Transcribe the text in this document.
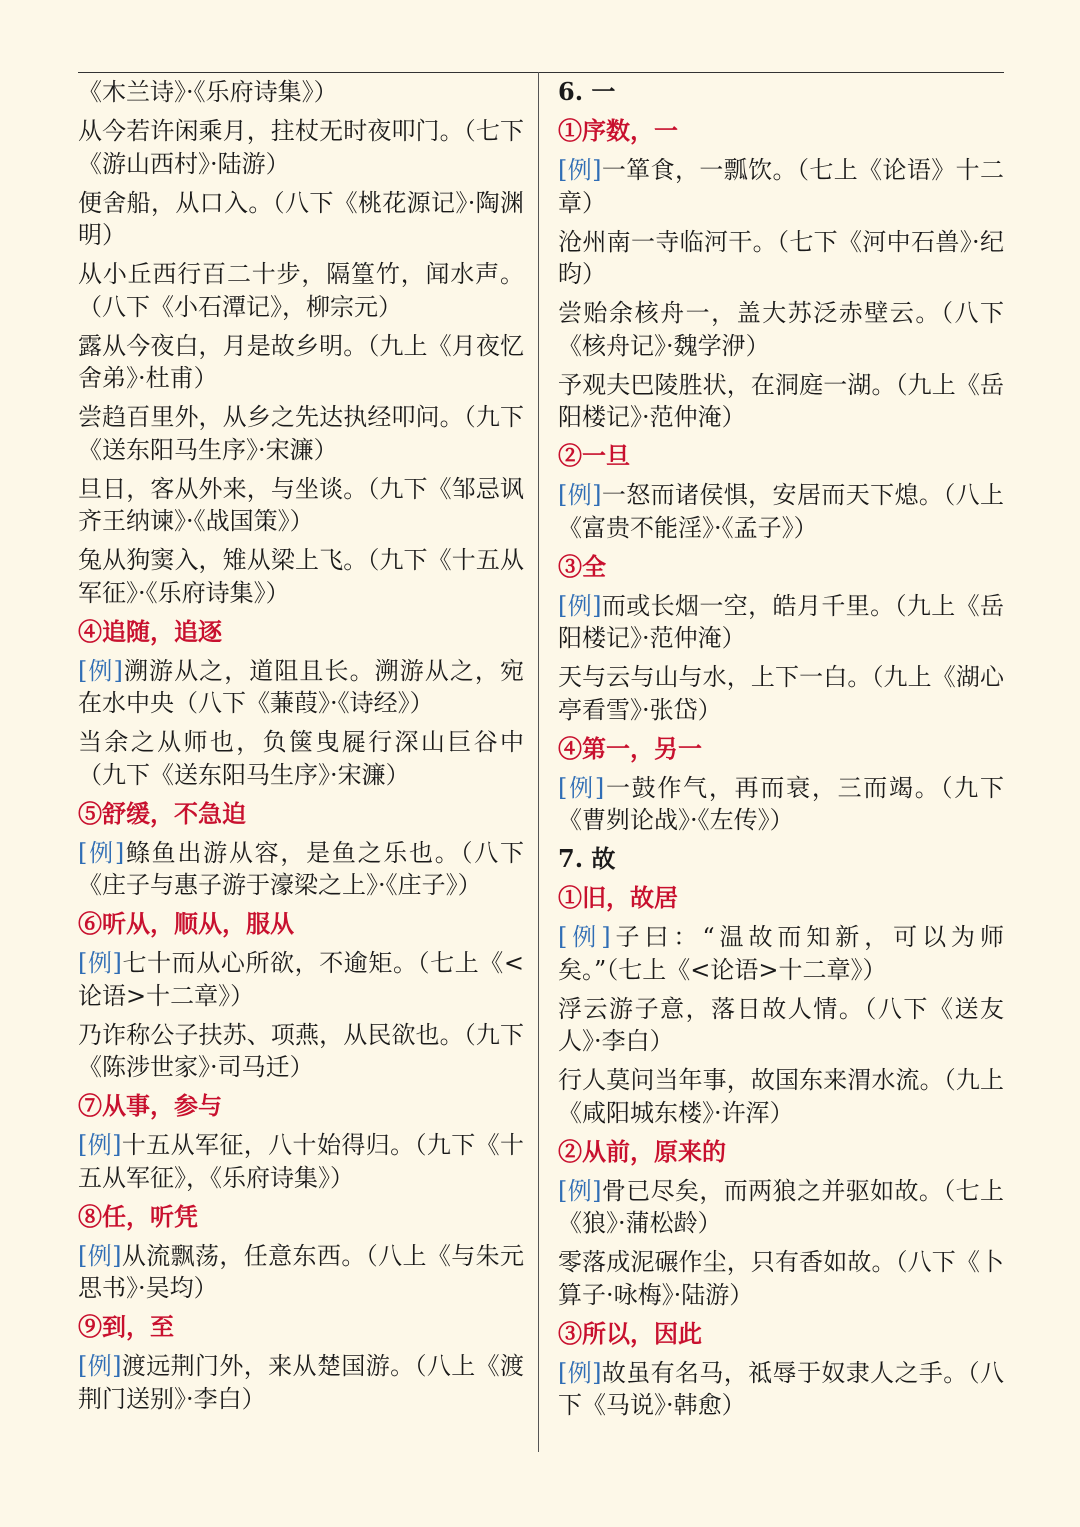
《木兰诗》·《乐府诗集》）
从今若许闲乘月，拄杖无时夜叩门。（七下《游山西村》·陆游）
便舍船，从口入。（八下《桃花源记》·陶渊明）
从小丘西行百二十步，隔篁竹，闻水声。（八下《小石潭记》，柳宗元）
露从今夜白，月是故乡明。（九上《月夜忆舍弟》·杜甫）
尝趋百里外，从乡之先达执经叩问。（九下《送东阳马生序》·宋濂）
旦日，客从外来，与坐谈。（九下《邹忌讽齐王纳谏》·《战国策》）
兔从狗窦入，雉从梁上飞。（九下《十五从军征》·《乐府诗集》）
④追随，追逐
[例]溯游从之，道阻且长。溯游从之，宛在水中央（八下《蒹葭》·《诗经》）
当余之从师也，负箧曳屣行深山巨谷中（九下《送东阳马生序》·宋濂）
⑤舒缓，不急迫
[例]鲦鱼出游从容，是鱼之乐也。（八下《庄子与惠子游于濠梁之上》·《庄子》）
⑥听从，顺从，服从
[例]七十而从心所欲，不逾矩。（七上《<论语>十二章》）
乃诈称公子扶苏、项燕，从民欲也。（九下《陈涉世家》·司马迁）
⑦从事，参与
[例]十五从军征，八十始得归。（九下《十五从军征》，《乐府诗集》）
⑧任，听凭
[例]从流飘荡，任意东西。（八上《与朱元思书》·吴均）
⑨到，至
[例]渡远荆门外，来从楚国游。（八上《渡荆门送别》·李白）
6. 一
①序数，一
[例]一箪食，一瓢饮。（七上《论语》十二章）
沧州南一寺临河干。（七下《河中石兽》·纪昀）
尝贻余核舟一，盖大苏泛赤壁云。（八下《核舟记》·魏学洢）
予观夫巴陵胜状，在洞庭一湖。（九上《岳阳楼记》·范仲淹）
②一旦
[例]一怒而诸侯惧，安居而天下熄。（八上《富贵不能淫》·《孟子》）
③全
[例]而或长烟一空，皓月千里。（九上《岳阳楼记》·范仲淹）
天与云与山与水，上下一白。（九上《湖心亭看雪》·张岱）
④第一，另一
[例]一鼓作气，再而衰，三而竭。（九下《曹刿论战》·《左传》）
7. 故
①旧，故居
[例]子曰：“温故而知新，可以为师矣。”（七上《<论语>十二章》）
浮云游子意，落日故人情。（八下《送友人》·李白）
行人莫问当年事，故国东来渭水流。（九上《咸阳城东楼》·许浑）
②从前，原来的
[例]骨已尽矣，而两狼之并驱如故。（七上《狼》·蒲松龄）
零落成泥碾作尘，只有香如故。（八下《卜算子·咏梅》·陆游）
③所以，因此
[例]故虽有名马，祗辱于奴隶人之手。（八下《马说》·韩愈）
